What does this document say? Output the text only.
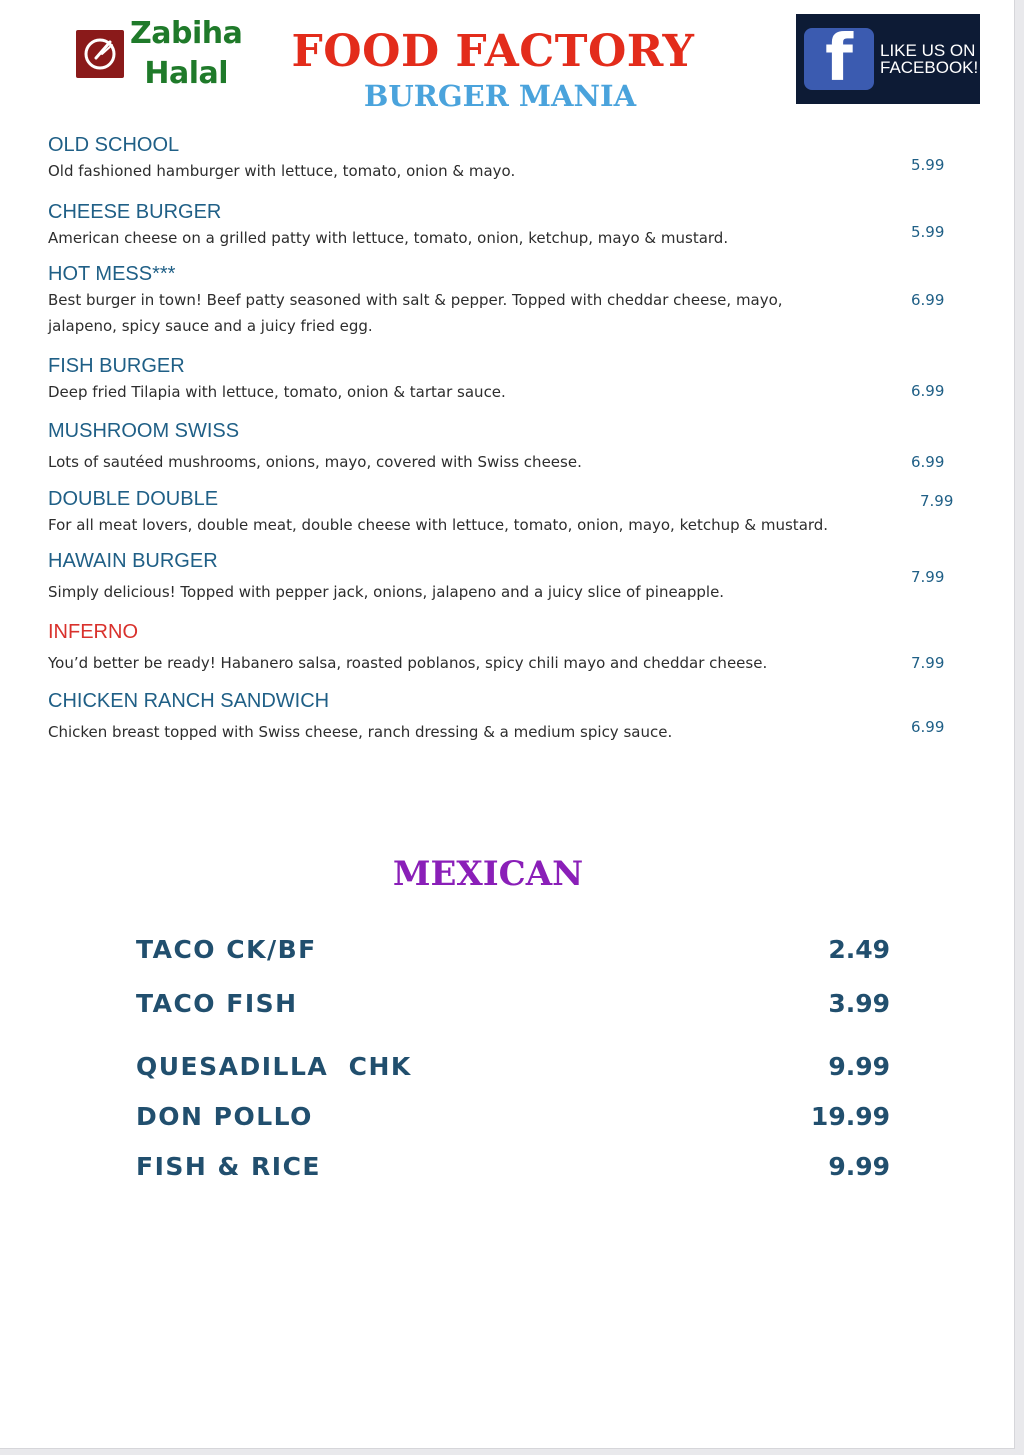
Zabiha
Halal	FOOD FACTORY
BURGER MANIA	f LIKE US ON
FACEBOOK!
OLD SCHOOL
Old fashioned hamburger with lettuce, tomato, onion & mayo.	5.99
CHEESE BURGER
American cheese on a grilled patty with lettuce, tomato, onion, ketchup, mayo & mustard.	5.99
HOT MESS***
Best burger in town! Beef patty seasoned with salt & pepper. Topped with cheddar cheese, mayo, jalapeno, spicy sauce and a juicy fried egg.
6.99
FISH BURGER
Deep fried Tilapia with lettuce, tomato, onion & tartar sauce.	6.99
MUSHROOM SWISS
Lots of sautéed mushrooms, onions, mayo, covered with Swiss cheese.	6.99
DOUBLE DOUBLE
For all meat lovers, double meat, double cheese with lettuce, tomato, onion, mayo, ketchup & mustard.
7.99
HAWAIN BURGER
Simply delicious! Topped with pepper jack, onions, jalapeno and a juicy slice of pineapple.
7.99
INFERNO
You’d better be ready! Habanero salsa, roasted poblanos, spicy chili mayo and cheddar cheese.	7.99
CHICKEN RANCH SANDWICH
Chicken breast topped with Swiss cheese, ranch dressing & a medium spicy sauce.	6.99
MEXICAN
TACO CK/BF	2.49
TACO FISH	3.99
QUESADILLA  CHK	9.99
DON POLLO	19.99
FISH & RICE	9.99
